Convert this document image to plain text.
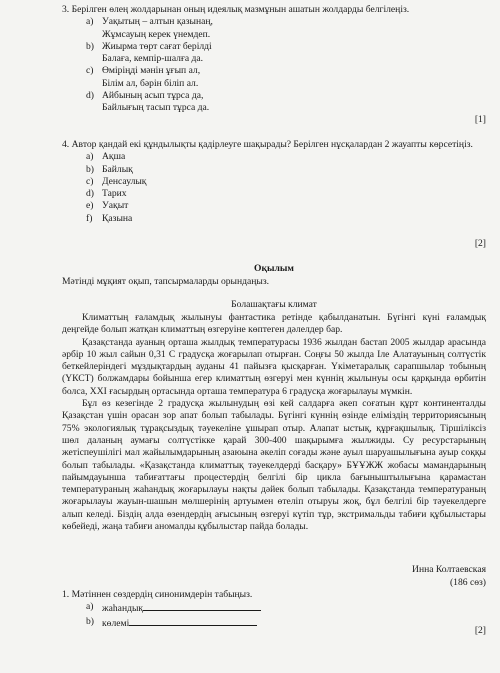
3. Берілген өлең жолдарынан оның идеялық мазмұнын ашатын жолдарды белгілеңіз.

a) Уақытың – алтын қазынаң,
Жұмсауың керек үнемдеп.
b) Жиырма төрт сағат берілді
Балаға, кемпір-шалға да.
c) Өміріңді мәнін ұғып ал,
Білім ал, бәрін біліп ал.
d) Айбының асып тұрса да,
Байлығың тасып тұрса да.
[1]

4. Автор қандай екі құндылықты қадірлеуге шақырады? Берілген нұсқалардан 2 жауапты көрсетіңіз.

a) Ақша
b) Байлық
c) Денсаулық
d) Тарих
e) Уақыт
f)	Қазына
[2]
Оқылым
Мәтінді мұқият оқып, тапсырмаларды орындаңыз.
Болашақтағы климат

Климаттың ғаламдық жылынуы фантастика ретінде қабылданатын. Бүгінгі күні ғаламдық деңгейде болып жатқан климаттың өзгеруіне көптеген дәлелдер бар.

Қазақстанда ауаның орташа жылдық температурасы 1936 жылдан бастап 2005 жылдар арасында әрбір 10 жыл сайын 0,31 С градусқа жоғарылап отырған. Соңғы 50 жылда Іле Алатауының солтүстік беткейлеріндегі мұздықтардың ауданы 41 пайызға қысқарған. Үкіметаралық сарапшылар тобының (ҮКСТ) болжамдары бойынша егер климаттың өзгеруі мен күннің жылынуы осы қарқында өрбитін болса, ХХІ ғасырдың ортасында орташа температура 6 градусқа жоғарылауы мүмкін.

Бұл өз кезегінде 2 градусқа жылынудың өзі кей салдарға әкеп соғатын құрт континенталды Қазақстан үшін орасан зор апат болып табылады. Бүгінгі күннің өзінде еліміздің территориясының 75% экологиялық тұрақсыздық тәуекеліне ұшырап отыр. Алапат ыстық, құрғақшылық. Тіршіліксіз шөл даланың аумағы солтүстікке қарай 300-400 шақырымға жылжиды. Су ресурстарының жетіспеушілігі мал жайылымдарының азаюына әкеліп соғады және ауыл шаруашылығына ауыр соққы болып табылады. «Қазақстанда климаттық тәуекелдерді басқару» БҰҰЖЖ жобасы мамандарының пайымдауынша табиғаттағы процестердің белгілі бір цикла бағыныштылығына қарамастан температураның жаһандық жоғарылауы нақты дәйек болып табылады. Қазақстанда температураның жоғарылауы жауын-шашын мөлшерінің артуымен өтеліп отыруы жоқ, бұл белгілі бір тәуекелдерге алып келеді. Біздің алда өзендердің ағысының өзгеруі күтіп тұр, экстримальды табиғи құбылыстары көбейеді, жаңа табиғи аномалды құбылыстар пайда болады.

Инна Колтаевская
(186 сөз)

1. Мәтіннен сөздердің синонимдерін табыңыз.

a) жаһандық
b) көлемі
[2]
